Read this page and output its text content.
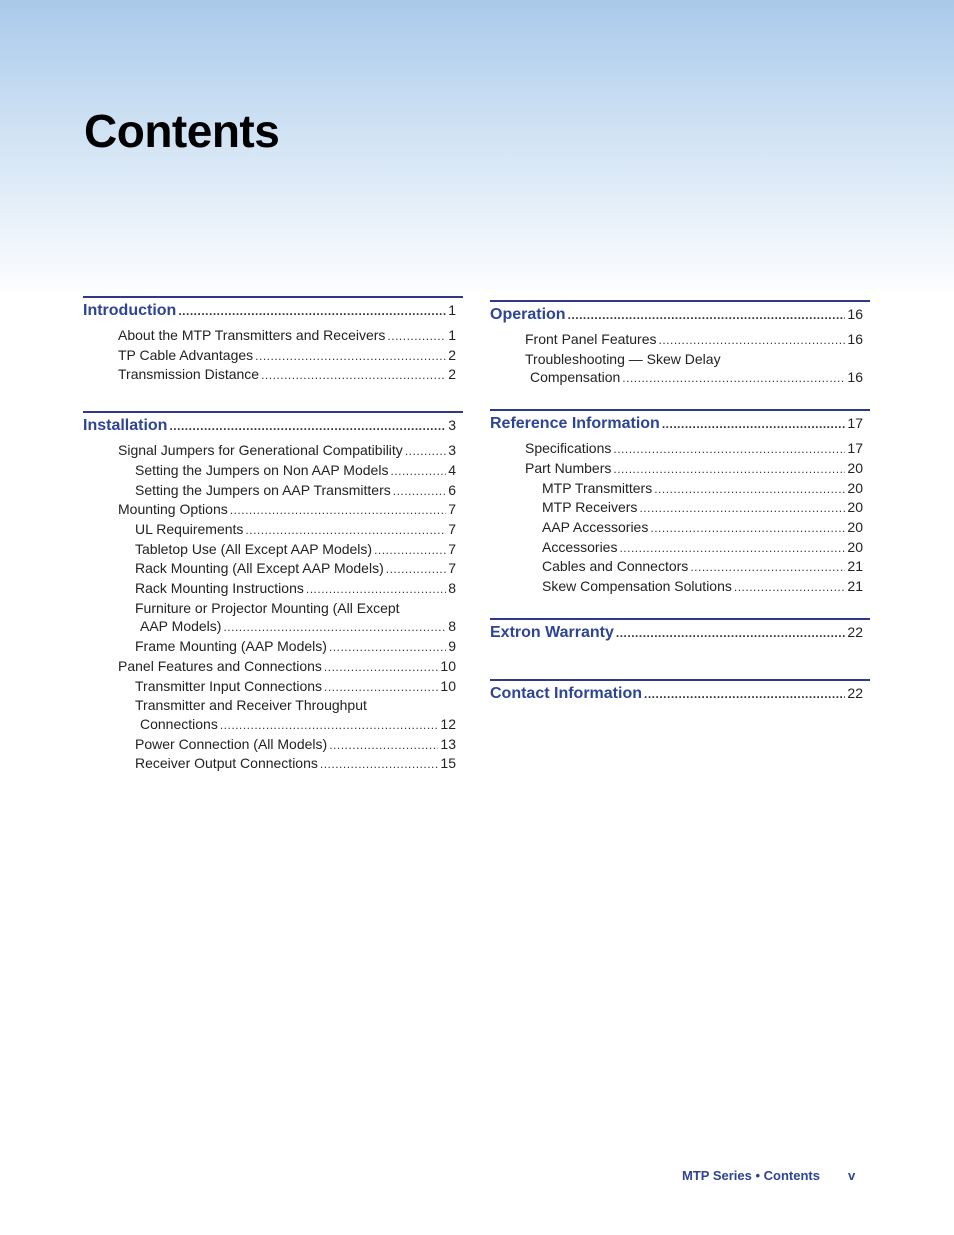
Contents
Introduction .....	1
About the MTP Transmitters and Receivers .....	1
TP Cable Advantages .....	2
Transmission Distance .....	2
Installation .....	3
Signal Jumpers for Generational Compatibility .....	3
Setting the Jumpers on Non AAP Models .....	4
Setting the Jumpers on AAP Transmitters .....	6
Mounting Options .....	7
UL Requirements .....	7
Tabletop Use (All Except AAP Models) .....	7
Rack Mounting (All Except AAP Models) .....	7
Rack Mounting Instructions .....	8
Furniture or Projector Mounting (All Except
AAP Models) .....	8
Frame Mounting (AAP Models) .....	9
Panel Features and Connections .....	10
Transmitter Input Connections .....	10
Transmitter and Receiver Throughput
Connections .....	12
Power Connection (All Models) .....	13
Receiver Output Connections .....	15
Operation .....	16
Front Panel Features .....	16
Troubleshooting — Skew Delay
Compensation .....	16
Reference Information .....	17
Specifications .....	17
Part Numbers .....	20
MTP Transmitters .....	20
MTP Receivers .....	20
AAP Accessories .....	20
Accessories .....	20
Cables and Connectors .....	21
Skew Compensation Solutions .....	21
Extron Warranty .....	22
Contact Information .....	22
MTP Series • Contents v
